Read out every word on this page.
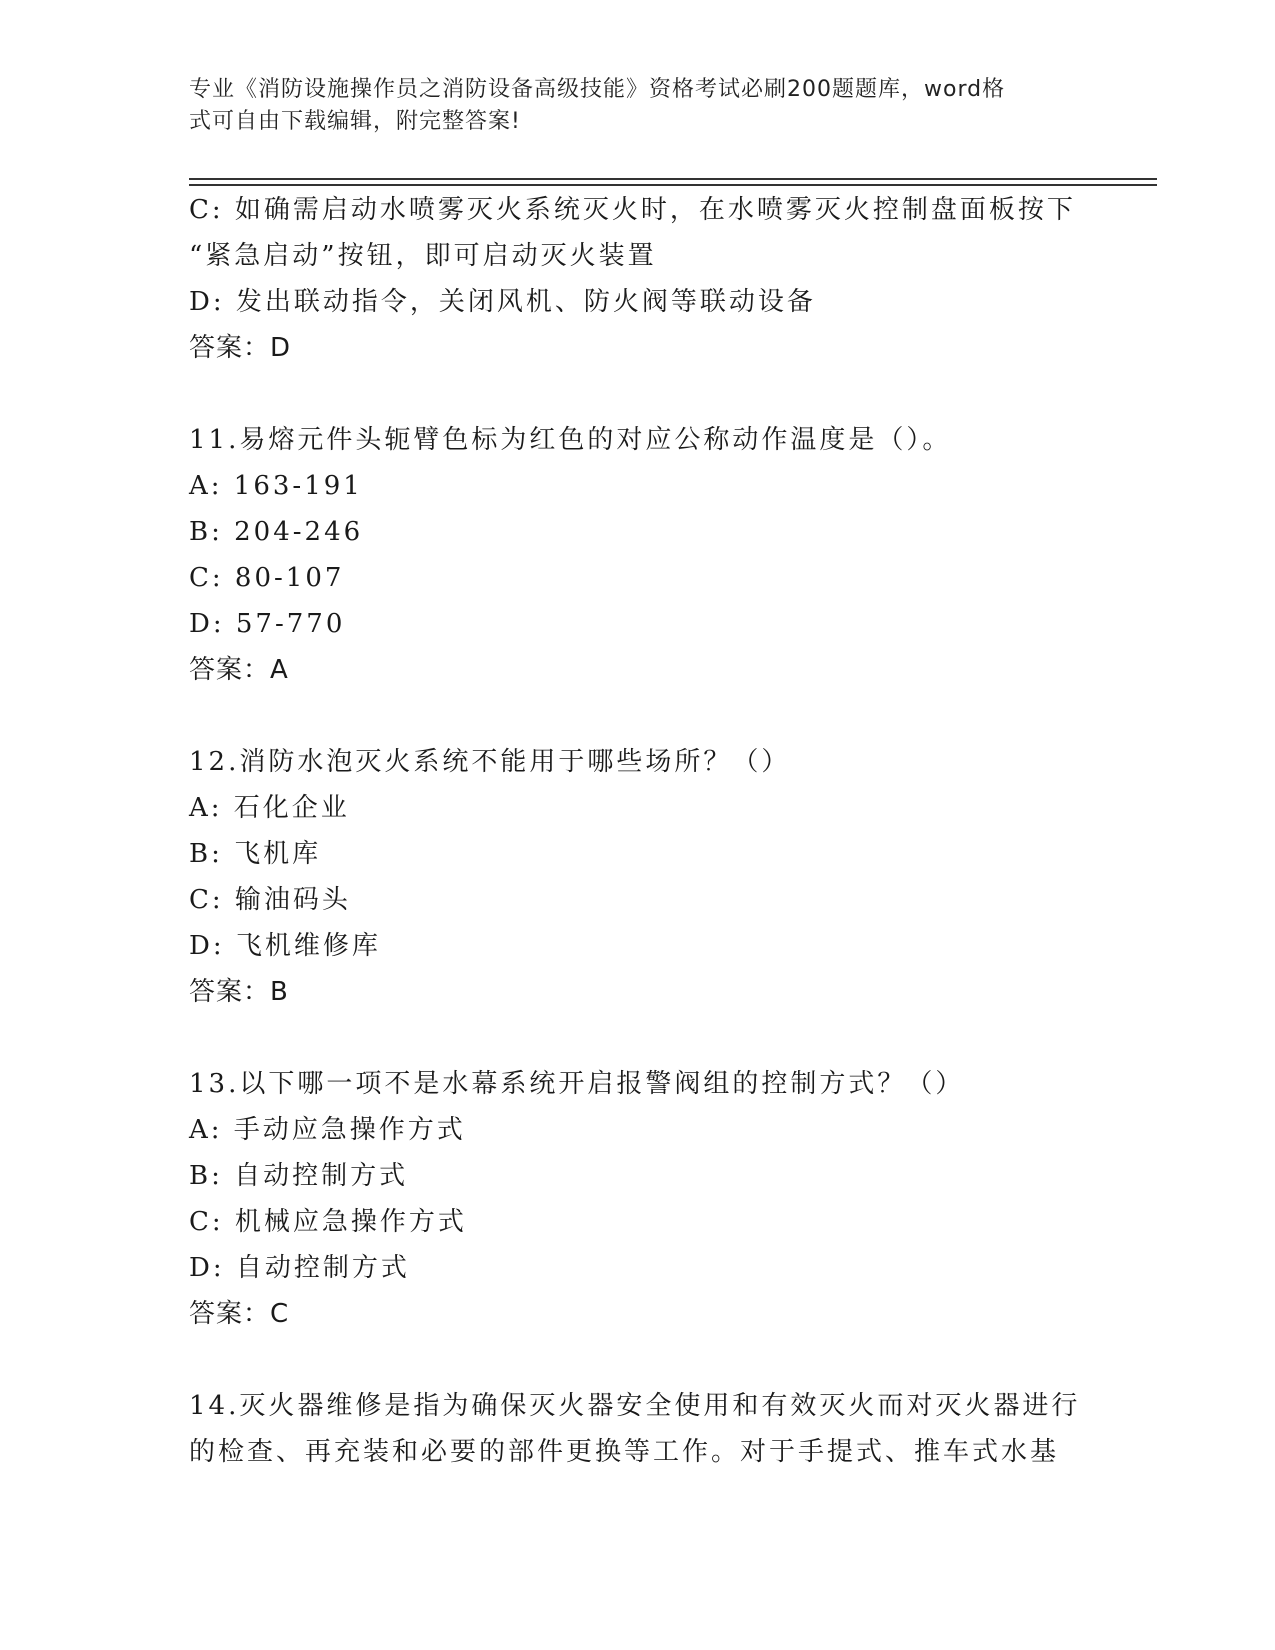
专业《消防设施操作员之消防设备高级技能》资格考试必刷200题题库，word格
式可自由下载编辑，附完整答案!
C: 如确需启动水喷雾灭火系统灭火时，在水喷雾灭火控制盘面板按下
“紧急启动”按钮，即可启动灭火装置
D: 发出联动指令，关闭风机、防火阀等联动设备
答案：D
11.易熔元件头轭臂色标为红色的对应公称动作温度是（）。
A: 163-191
B: 204-246
C: 80-107
D: 57-770
答案：A
12.消防水泡灭火系统不能用于哪些场所？（）
A: 石化企业
B: 飞机库
C: 输油码头
D: 飞机维修库
答案：B
13.以下哪一项不是水幕系统开启报警阀组的控制方式？（）
A: 手动应急操作方式
B: 自动控制方式
C: 机械应急操作方式
D: 自动控制方式
答案：C
14.灭火器维修是指为确保灭火器安全使用和有效灭火而对灭火器进行
的检查、再充装和必要的部件更换等工作。对于手提式、推车式水基
